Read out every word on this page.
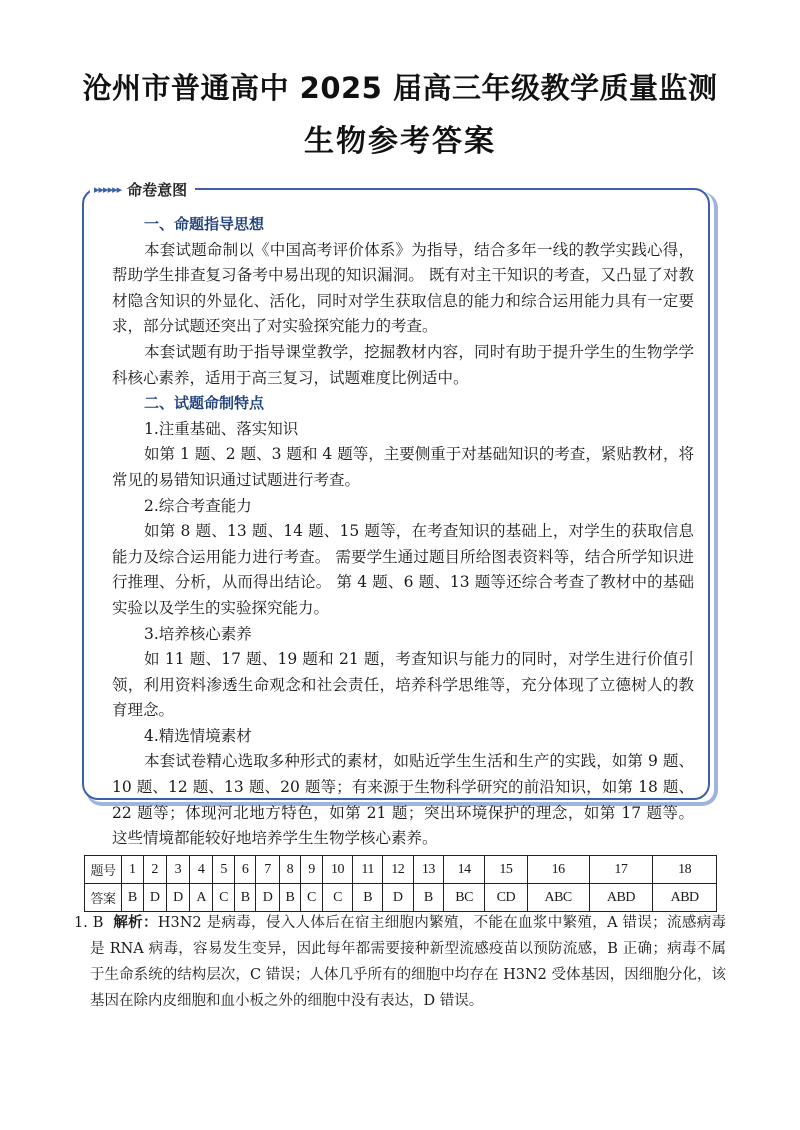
沧州市普通高中 2025 届高三年级教学质量监测
生物参考答案
▸▸▸▸▸▸ 命卷意图

一、命题指导思想

本套试题命制以《中国高考评价体系》为指导，结合多年一线的教学实践心得，帮助学生排查复习备考中易出现的知识漏洞。 既有对主干知识的考查，又凸显了对教材隐含知识的外显化、活化，同时对学生获取信息的能力和综合运用能力具有一定要求，部分试题还突出了对实验探究能力的考查。

本套试题有助于指导课堂教学，挖掘教材内容，同时有助于提升学生的生物学学科核心素养，适用于高三复习，试题难度比例适中。

二、试题命制特点

1.注重基础、落实知识

如第 1 题、2 题、3 题和 4 题等，主要侧重于对基础知识的考查，紧贴教材，将常见的易错知识通过试题进行考查。

2.综合考查能力

如第 8 题、13 题、14 题、15 题等，在考查知识的基础上，对学生的获取信息能力及综合运用能力进行考查。 需要学生通过题目所给图表资料等，结合所学知识进行推理、分析，从而得出结论。 第 4 题、6 题、13 题等还综合考查了教材中的基础实验以及学生的实验探究能力。

3.培养核心素养

如 11 题、17 题、19 题和 21 题，考查知识与能力的同时，对学生进行价值引领，利用资料渗透生命观念和社会责任，培养科学思维等，充分体现了立德树人的教育理念。

4.精选情境素材

本套试卷精心选取多种形式的素材，如贴近学生生活和生产的实践，如第 9 题、10 题、12 题、13 题、20 题等；有来源于生物科学研究的前沿知识，如第 18 题、22 题等；体现河北地方特色，如第 21 题；突出环境保护的理念，如第 17 题等。 这些情境都能较好地培养学生生物学核心素养。

题号	1	2	3	4	5	6	7	8	9	10	11	12	13	14	15	16	17	18
答案	B	D	D	A	C	B	D	B	C	C	B	D	B	BC	CD	ABC	ABD	ABD
1. B 解析：H3N2 是病毒，侵入人体后在宿主细胞内繁殖，不能在血浆中繁殖，A 错误；流感病毒是 RNA 病毒，容易发生变异，因此每年都需要接种新型流感疫苗以预防流感，B 正确；病毒不属于生命系统的结构层次，C 错误；人体几乎所有的细胞中均存在 H3N2 受体基因，因细胞分化，该基因在除内皮细胞和血小板之外的细胞中没有表达，D 错误。
